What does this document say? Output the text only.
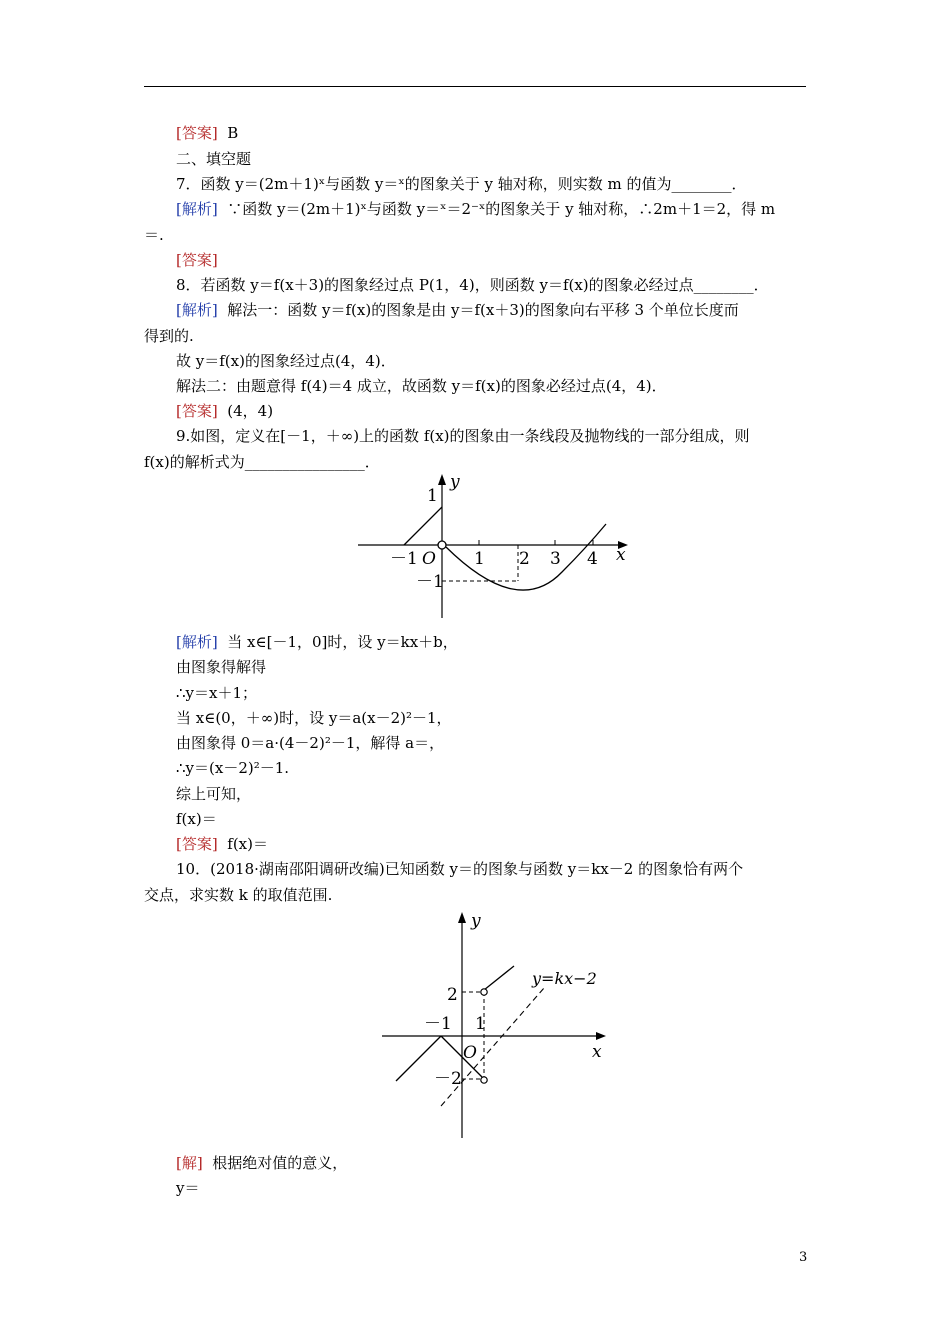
[答案] B
二、填空题
7．函数 y＝(2m＋1)ˣ与函数 y＝ˣ的图象关于 y 轴对称，则实数 m 的值为________．
[解析] ∵函数 y＝(2m＋1)ˣ与函数 y＝ˣ＝2⁻ˣ的图象关于 y 轴对称，∴2m＋1＝2，得 m
＝.
[答案]
8．若函数 y＝f(x＋3)的图象经过点 P(1，4)，则函数 y＝f(x)的图象必经过点________．
[解析] 解法一：函数 y＝f(x)的图象是由 y＝f(x＋3)的图象向右平移 3 个单位长度而
得到的.
故 y＝f(x)的图象经过点(4，4)．
解法二：由题意得 f(4)＝4 成立，故函数 y＝f(x)的图象必经过点(4，4)．
[答案] (4，4)
9.如图，定义在[－1，＋∞)上的函数 f(x)的图象由一条线段及抛物线的一部分组成，则
f(x)的解析式为________________．
y
x
O
－1	1 2 3 4
1
－1
[解析] 当 x∈[－1，0]时，设 y＝kx＋b，
由图象得解得
∴y＝x＋1；
当 x∈(0，＋∞)时，设 y＝a(x－2)²－1，
由图象得 0＝a·(4－2)²－1，解得 a＝，
∴y＝(x－2)²－1.
综上可知，
f(x)＝
[答案] f(x)＝
10．(2018·湖南邵阳调研改编)已知函数 y＝的图象与函数 y＝kx－2 的图象恰有两个
交点，求实数 k 的取值范围.
y
x
O
－1 1
2
－2
y=kx−2
[解] 根据绝对值的意义，
y＝
3
